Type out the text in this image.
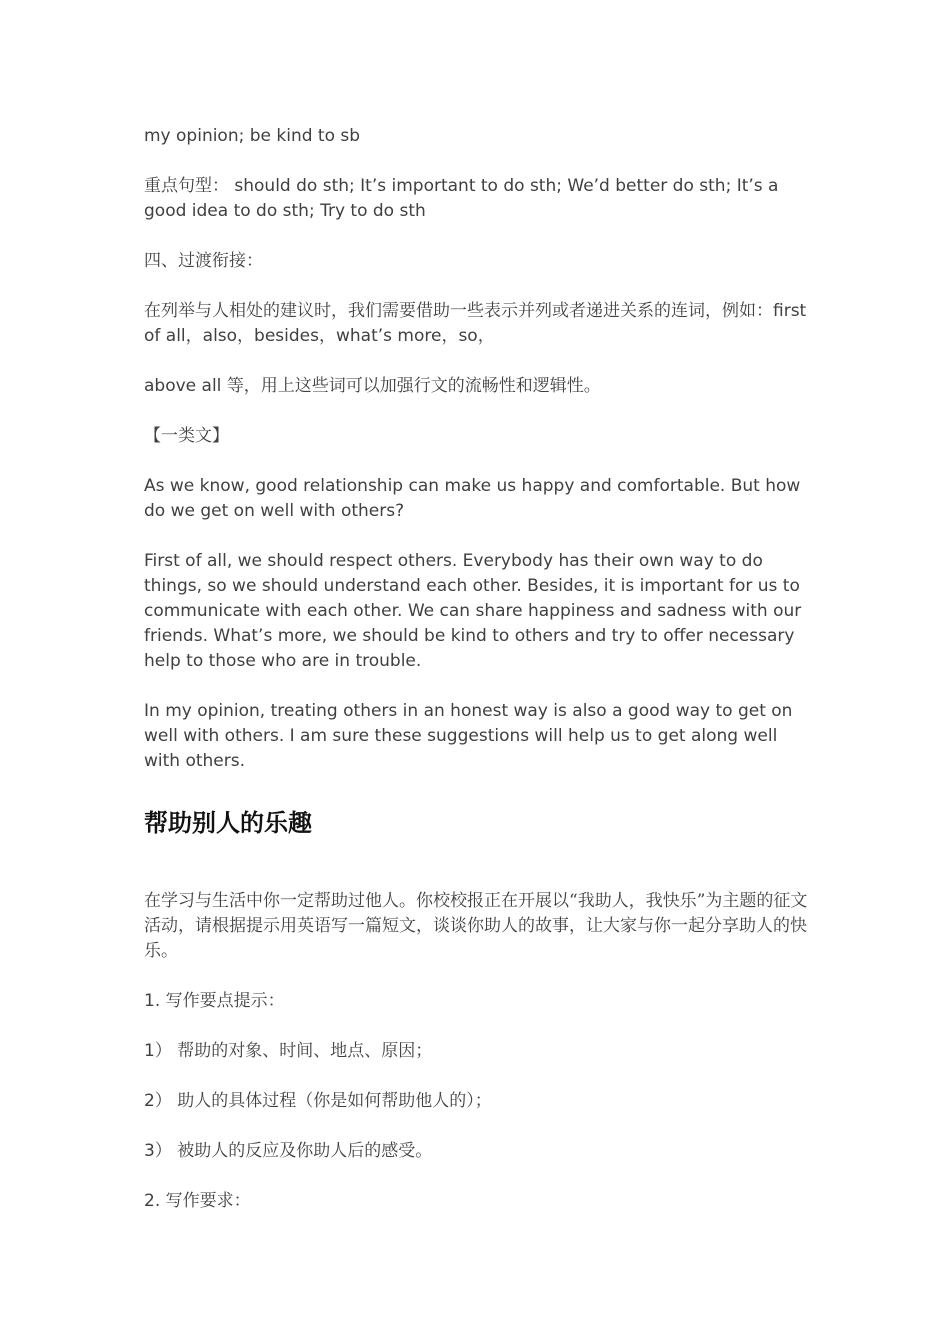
my opinion; be kind to sb

重点句型： should do sth; It’s important to do sth; We’d better do sth; It’s a good idea to do sth; Try to do sth

四、过渡衔接：

在列举与人相处的建议时，我们需要借助一些表示并列或者递进关系的连词，例如：first of all，also，besides，what’s more，so，

above all 等，用上这些词可以加强行文的流畅性和逻辑性。

【一类文】

As we know, good relationship can make us happy and comfortable. But how do we get on well with others?

First of all, we should respect others. Everybody has their own way to do things, so we should understand each other. Besides, it is important for us to communicate with each other. We can share happiness and sadness with our friends. What’s more, we should be kind to others and try to offer necessary help to those who are in trouble.

In my opinion, treating others in an honest way is also a good way to get on well with others. I am sure these suggestions will help us to get along well with others.

帮助别人的乐趣

在学习与生活中你一定帮助过他人。你校校报正在开展以“我助人，我快乐”为主题的征文活动，请根据提示用英语写一篇短文，谈谈你助人的故事，让大家与你一起分享助人的快乐。

1. 写作要点提示：

1） 帮助的对象、时间、地点、原因；

2） 助人的具体过程（你是如何帮助他人的）；

3） 被助人的反应及你助人后的感受。

2. 写作要求：
